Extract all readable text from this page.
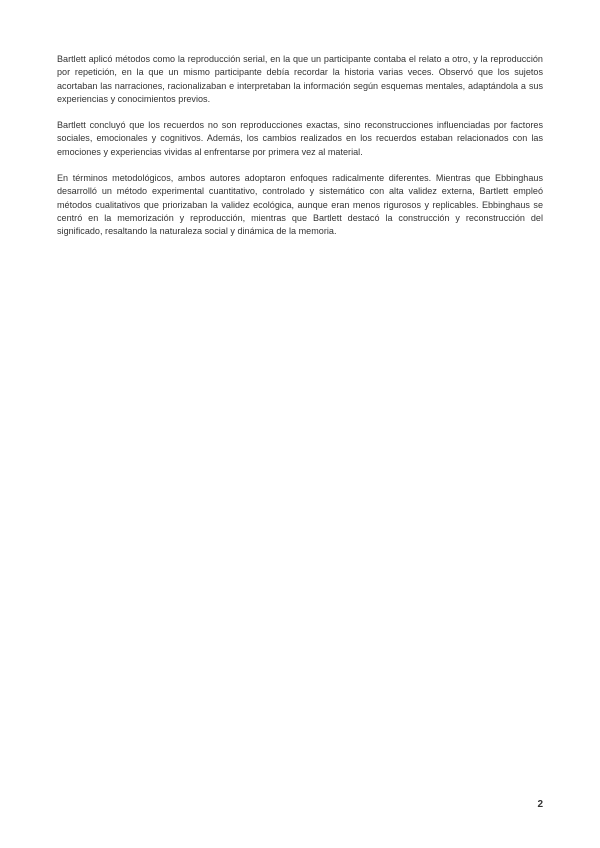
Bartlett aplicó métodos como la reproducción serial, en la que un participante contaba el relato a otro, y la reproducción por repetición, en la que un mismo participante debía recordar la historia varias veces. Observó que los sujetos acortaban las narraciones, racionalizaban e interpretaban la información según esquemas mentales, adaptándola a sus experiencias y conocimientos previos.

Bartlett concluyó que los recuerdos no son reproducciones exactas, sino reconstrucciones influenciadas por factores sociales, emocionales y cognitivos. Además, los cambios realizados en los recuerdos estaban relacionados con las emociones y experiencias vividas al enfrentarse por primera vez al material.

En términos metodológicos, ambos autores adoptaron enfoques radicalmente diferentes. Mientras que Ebbinghaus desarrolló un método experimental cuantitativo, controlado y sistemático con alta validez externa, Bartlett empleó métodos cualitativos que priorizaban la validez ecológica, aunque eran menos rigurosos y replicables. Ebbinghaus se centró en la memorización y reproducción, mientras que Bartlett destacó la construcción y reconstrucción del significado, resaltando la naturaleza social y dinámica de la memoria.

2
